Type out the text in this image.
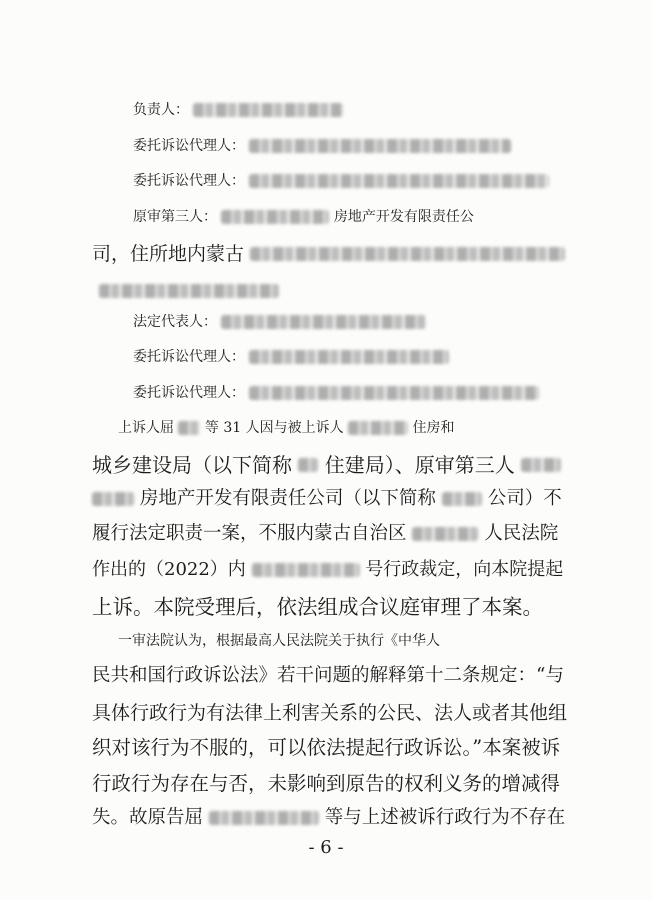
负责人：
委托诉讼代理人：
委托诉讼代理人：
原审第三人：	房地产开发有限责任公
司，住所地内蒙古

法定代表人：
委托诉讼代理人：
委托诉讼代理人：
上诉人屈 等 31 人因与被上诉人	住房和
城乡建设局（以下简称 住建局）、原审第三人
房地产开发有限责任公司（以下简称	公司）不
履行法定职责一案，不服内蒙古自治区	人民法院
作出的（2022）内	号行政裁定，向本院提起
上诉。本院受理后，依法组成合议庭审理了本案。
一审法院认为，根据最高人民法院关于执行《中华人
民共和国行政诉讼法》若干问题的解释第十二条规定：“与
具体行政行为有法律上利害关系的公民、法人或者其他组
织对该行为不服的，可以依法提起行政诉讼。”本案被诉
行政行为存在与否，未影响到原告的权利义务的增减得
失。故原告屈	等与上述被诉行政行为不存在
- 6 -
